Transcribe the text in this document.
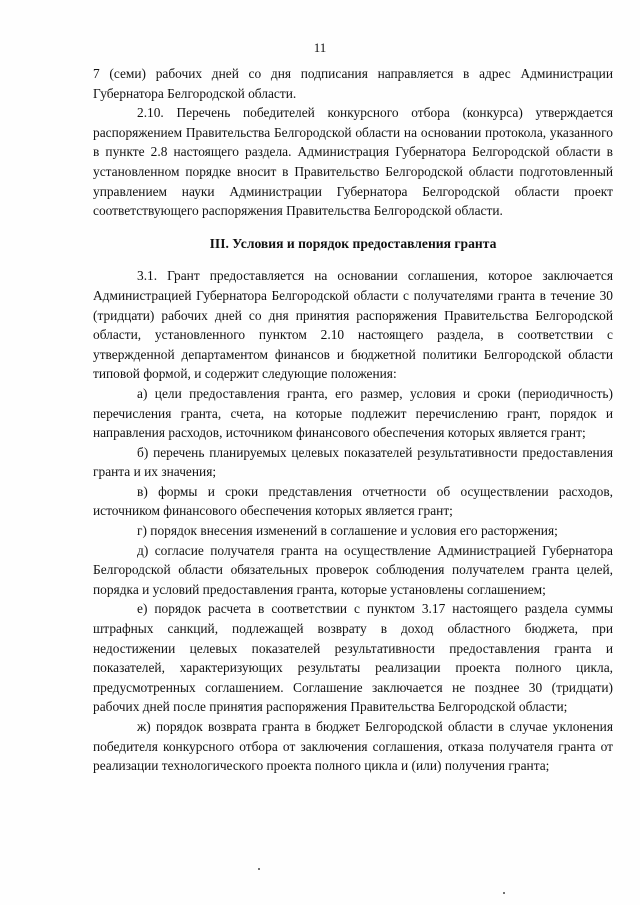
11

7 (семи) рабочих дней со дня подписания направляется в адрес Администрации Губернатора Белгородской области.

2.10. Перечень победителей конкурсного отбора (конкурса) утверждается распоряжением Правительства Белгородской области на основании протокола, указанного в пункте 2.8 настоящего раздела. Администрация Губернатора Белгородской области в установленном порядке вносит в Правительство Белгородской области подготовленный управлением науки Администрации Губернатора Белгородской области проект соответствующего распоряжения Правительства Белгородской области.

III. Условия и порядок предоставления гранта

3.1. Грант предоставляется на основании соглашения, которое заключается Администрацией Губернатора Белгородской области с получателями гранта в течение 30 (тридцати) рабочих дней со дня принятия распоряжения Правительства Белгородской области, установленного пунктом 2.10 настоящего раздела, в соответствии с утвержденной департаментом финансов и бюджетной политики Белгородской области типовой формой, и содержит следующие положения:

а) цели предоставления гранта, его размер, условия и сроки (периодичность) перечисления гранта, счета, на которые подлежит перечислению грант, порядок и направления расходов, источником финансового обеспечения которых является грант;

б) перечень планируемых целевых показателей результативности предоставления гранта и их значения;

в) формы и сроки представления отчетности об осуществлении расходов, источником финансового обеспечения которых является грант;

г) порядок внесения изменений в соглашение и условия его расторжения;

д) согласие получателя гранта на осуществление Администрацией Губернатора Белгородской области обязательных проверок соблюдения получателем гранта целей, порядка и условий предоставления гранта, которые установлены соглашением;

е) порядок расчета в соответствии с пунктом 3.17 настоящего раздела суммы штрафных санкций, подлежащей возврату в доход областного бюджета, при недостижении целевых показателей результативности предоставления гранта и показателей, характеризующих результаты реализации проекта полного цикла, предусмотренных соглашением. Соглашение заключается не позднее 30 (тридцати) рабочих дней после принятия распоряжения Правительства Белгородской области;

ж) порядок возврата гранта в бюджет Белгородской области в случае уклонения победителя конкурсного отбора от заключения соглашения, отказа получателя гранта от реализации технологического проекта полного цикла и (или) получения гранта;
